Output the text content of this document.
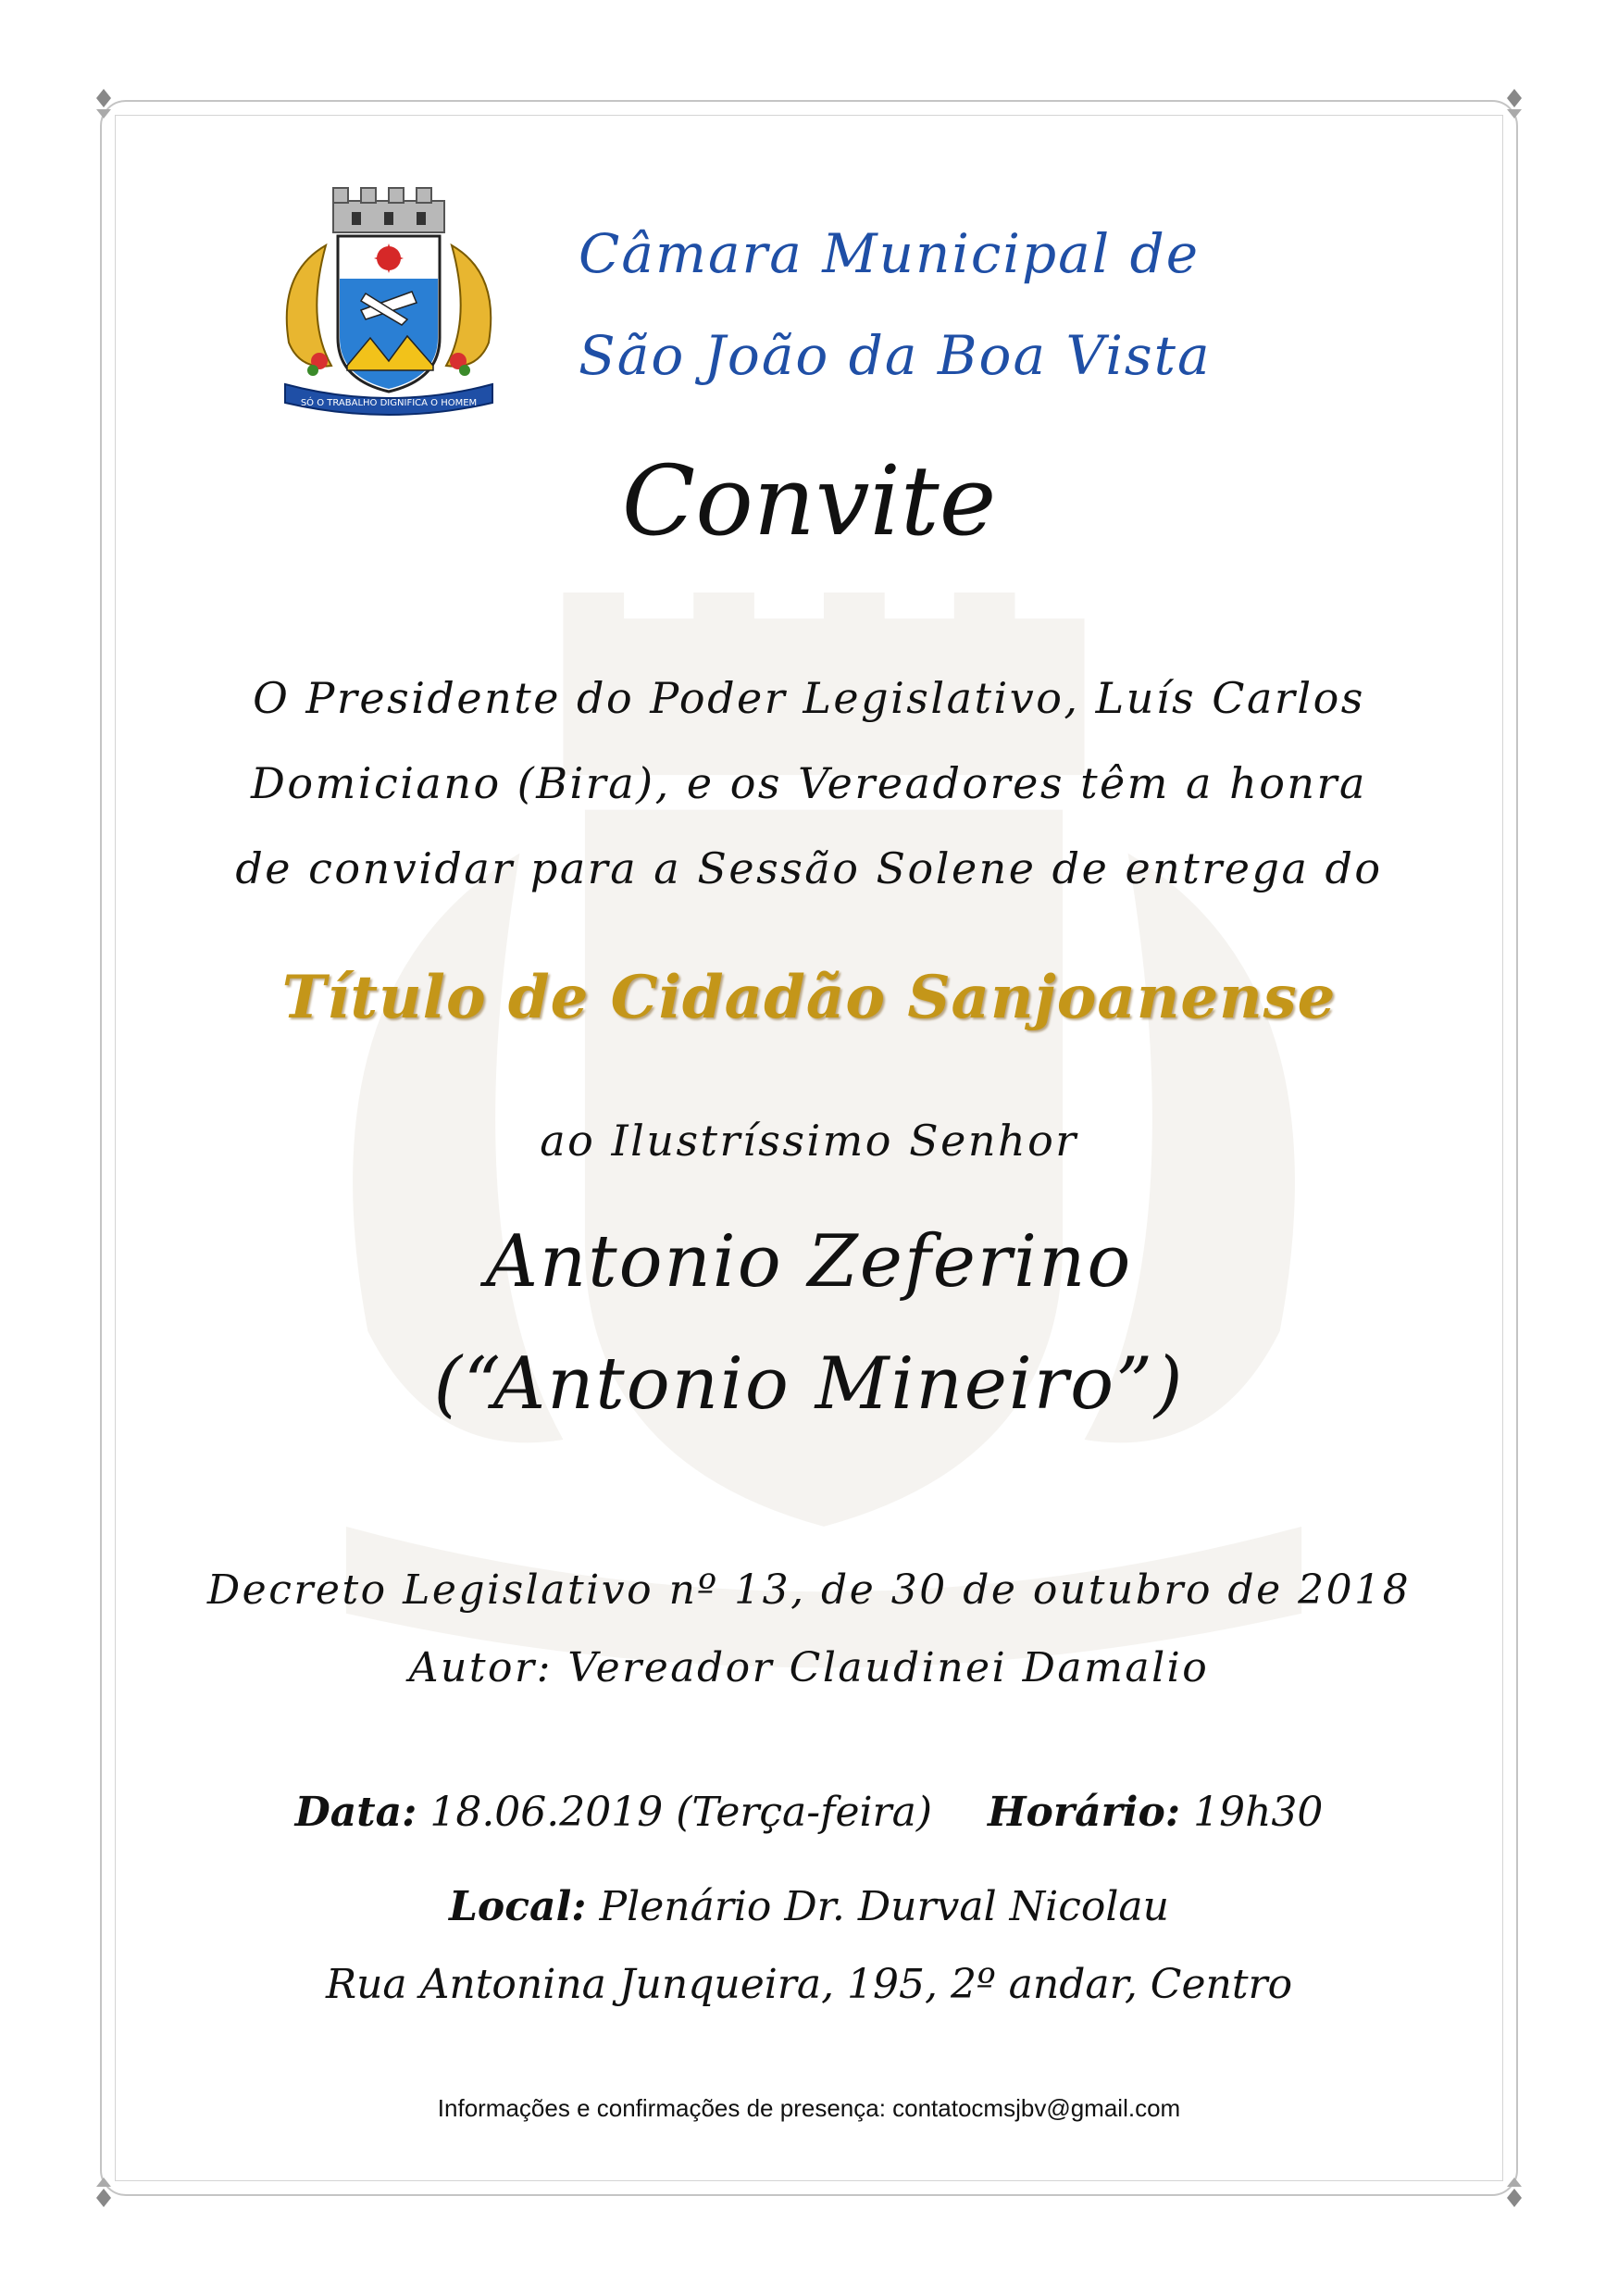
SÓ O TRABALHO DIGNIFICA O HOMEM
Câmara Municipal de
São João da Boa Vista
Convite
O Presidente do Poder Legislativo, Luís Carlos
Domiciano (Bira), e os Vereadores têm a honra
de convidar para a Sessão Solene de entrega do
Título de Cidadão Sanjoanense
ao Ilustríssimo Senhor
Antonio Zeferino
(“Antonio Mineiro”)
Decreto Legislativo nº 13, de 30 de outubro de 2018
Autor: Vereador Claudinei Damalio
Data: 18.06.2019 (Terça-feira) Horário: 19h30
Local: Plenário Dr. Durval Nicolau
Rua Antonina Junqueira, 195, 2º andar, Centro
Informações e confirmações de presença: contatocmsjbv@gmail.com
